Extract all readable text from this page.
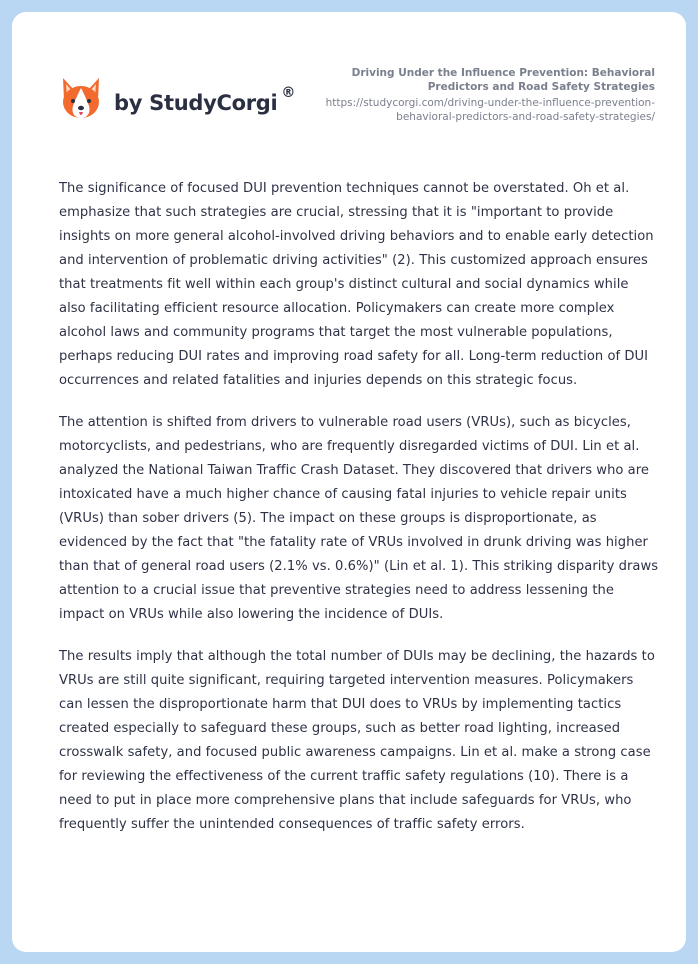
by StudyCorgi ®

Driving Under the Influence Prevention: Behavioral Predictors and Road Safety Strategies

https://studycorgi.com/driving-under-the-influence-prevention-behavioral-predictors-and-road-safety-strategies/

The significance of focused DUI prevention techniques cannot be overstated. Oh et al. emphasize that such strategies are crucial, stressing that it is "important to provide insights on more general alcohol-involved driving behaviors and to enable early detection and intervention of problematic driving activities" (2). This customized approach ensures that treatments fit well within each group's distinct cultural and social dynamics while also facilitating efficient resource allocation. Policymakers can create more complex alcohol laws and community programs that target the most vulnerable populations, perhaps reducing DUI rates and improving road safety for all. Long-term reduction of DUI occurrences and related fatalities and injuries depends on this strategic focus.

The attention is shifted from drivers to vulnerable road users (VRUs), such as bicycles, motorcyclists, and pedestrians, who are frequently disregarded victims of DUI. Lin et al. analyzed the National Taiwan Traffic Crash Dataset. They discovered that drivers who are intoxicated have a much higher chance of causing fatal injuries to vehicle repair units (VRUs) than sober drivers (5). The impact on these groups is disproportionate, as evidenced by the fact that "the fatality rate of VRUs involved in drunk driving was higher than that of general road users (2.1% vs. 0.6%)" (Lin et al. 1). This striking disparity draws attention to a crucial issue that preventive strategies need to address lessening the impact on VRUs while also lowering the incidence of DUIs.

The results imply that although the total number of DUIs may be declining, the hazards to VRUs are still quite significant, requiring targeted intervention measures. Policymakers can lessen the disproportionate harm that DUI does to VRUs by implementing tactics created especially to safeguard these groups, such as better road lighting, increased crosswalk safety, and focused public awareness campaigns. Lin et al. make a strong case for reviewing the effectiveness of the current traffic safety regulations (10). There is a need to put in place more comprehensive plans that include safeguards for VRUs, who frequently suffer the unintended consequences of traffic safety errors.
